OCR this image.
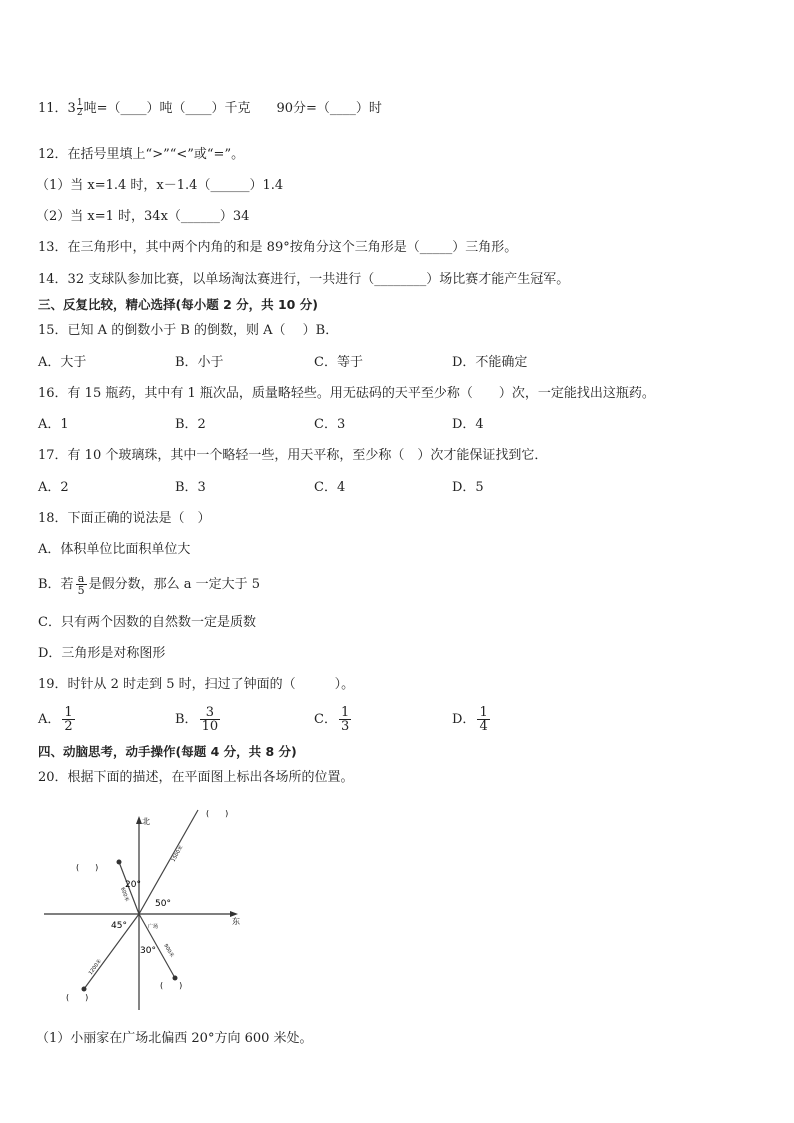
11．$3 \frac{1}{2}$ 吨=（____）吨（____）千克　　90分=（____）时
12．在括号里填上“>”“<”或“=”。
（1）当 x=1.4 时，x－1.4（______）1.4
（2）当 x=1 时，34x（______）34
13．在三角形中，其中两个内角的和是 89°按角分这个三角形是（_____）三角形。
14．32 支球队参加比赛，以单场淘汰赛进行，一共进行（________）场比赛才能产生冠军。
三、反复比较，精心选择(每小题 2 分，共 10 分)
15．已知 A 的倒数小于 B 的倒数，则 A（　 ）B．
A．大于	B．小于	C．等于	D．不能确定
16．有 15 瓶药，其中有 1 瓶次品，质量略轻些。用无砝码的天平至少称（　　）次，一定能找出这瓶药。
A．1	B．2	C．3	D．4
17．有 10 个玻璃珠，其中一个略轻一些，用天平称，至少称（　）次才能保证找到它．
A．2	B．3	C．4	D．5
18．下面正确的说法是（　）
A．体积单位比面积单位大
B．若 $\frac{a}{5}$ 是假分数，那么 a 一定大于 5
C．只有两个因数的自然数一定是质数
D．三角形是对称图形
19．时针从 2 时走到 5 时，扫过了钟面的（　　　）。
A． $\frac{1}{2}$	B． $\frac{3}{10}$	C． $\frac{1}{3}$	D． $\frac{1}{4}$
四、动脑思考，动手操作(每题 4 分，共 8 分)
20．根据下面的描述，在平面图上标出各场所的位置。
北
东
20°
50°
45°
30°
广场
1500米
600米
1200米
900米
(　　)
(　　)
(　　)
(　　)
（1）小丽家在广场北偏西 20°方向 600 米处。
